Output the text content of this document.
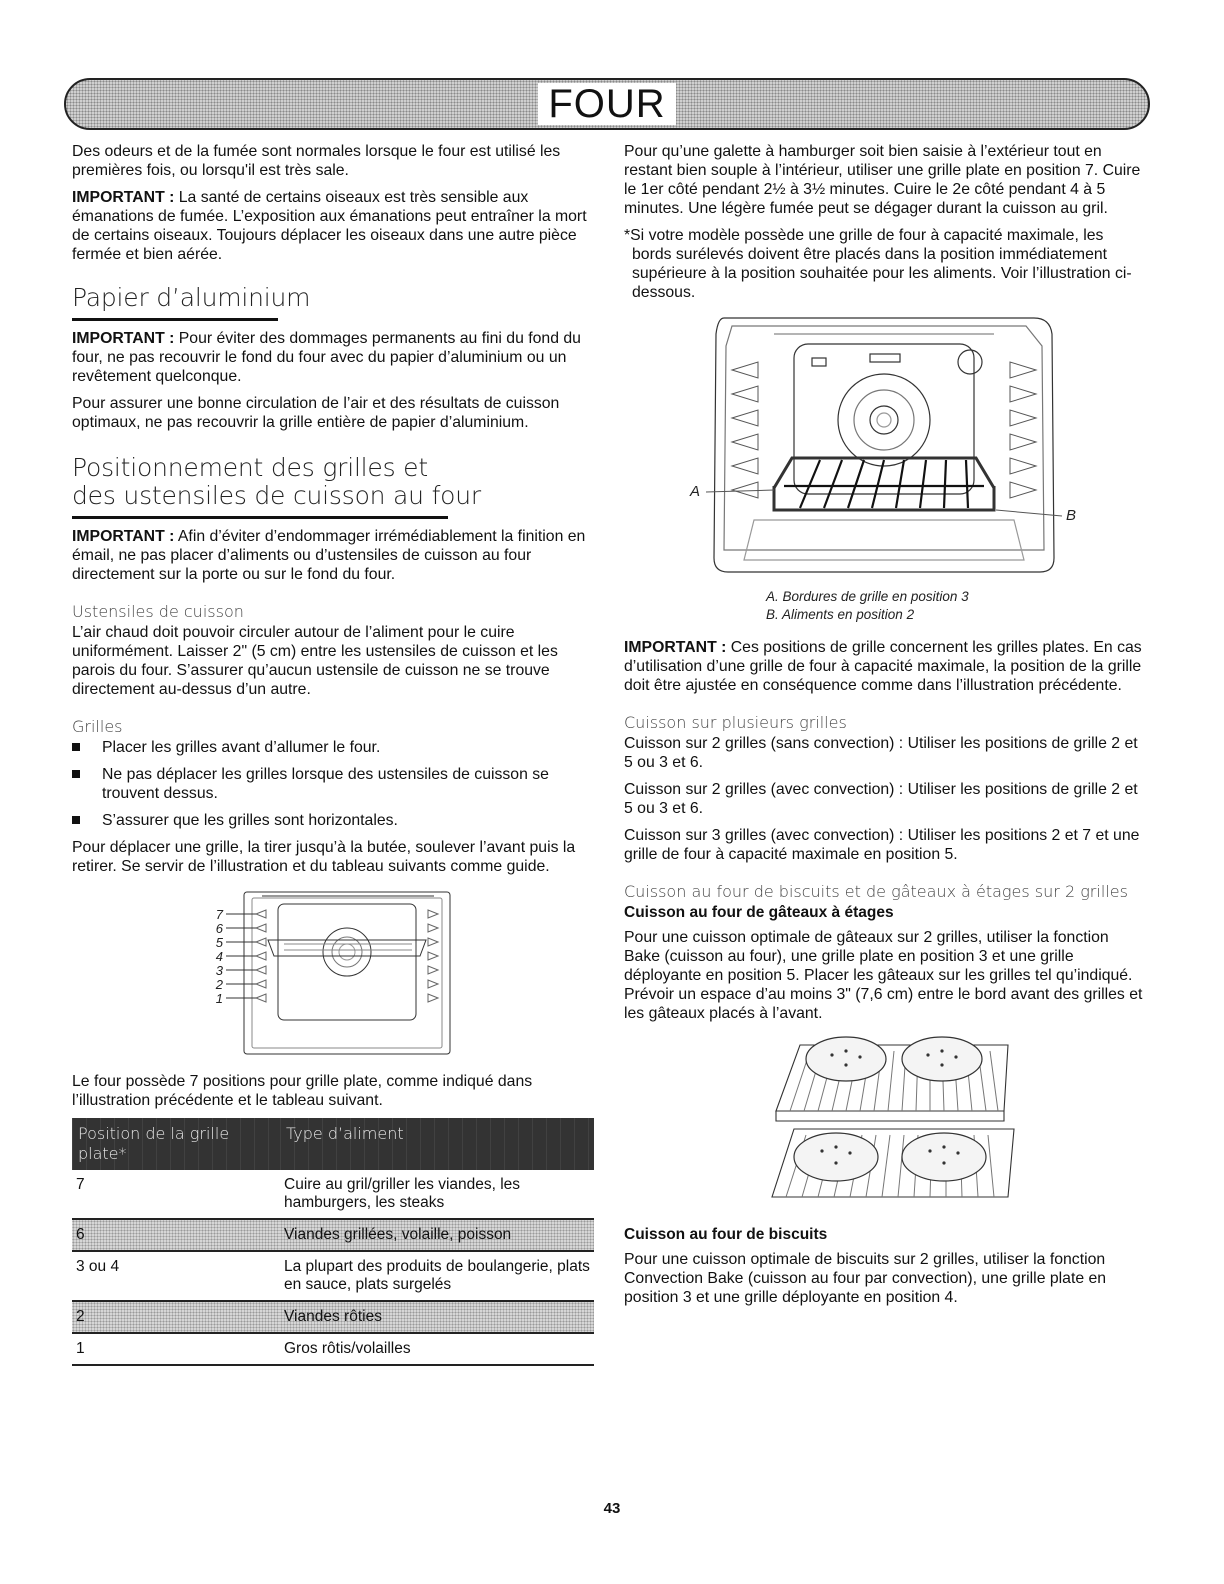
FOUR

Des odeurs et de la fumée sont normales lorsque le four est utilisé les premières fois, ou lorsqu'il est très sale.

IMPORTANT : La santé de certains oiseaux est très sensible aux émanations de fumée. L’exposition aux émanations peut entraîner la mort de certains oiseaux. Toujours déplacer les oiseaux dans une autre pièce fermée et bien aérée.

Papier d’aluminium

IMPORTANT : Pour éviter des dommages permanents au fini du fond du four, ne pas recouvrir le fond du four avec du papier d’aluminium ou un revêtement quelconque.

Pour assurer une bonne circulation de l’air et des résultats de cuisson optimaux, ne pas recouvrir la grille entière de papier d’aluminium.

Positionnement des grilles et
des ustensiles de cuisson au four

IMPORTANT : Afin d’éviter d’endommager irrémédiablement la finition en émail, ne pas placer d’aliments ou d’ustensiles de cuisson au four directement sur la porte ou sur le fond du four.

Ustensiles de cuisson

L’air chaud doit pouvoir circuler autour de l’aliment pour le cuire uniformément. Laisser 2" (5 cm) entre les ustensiles de cuisson et les parois du four. S’assurer qu’aucun ustensile de cuisson ne se trouve directement au-dessus d’un autre.

Grilles
Placer les grilles avant d’allumer le four.
Ne pas déplacer les grilles lorsque des ustensiles de cuisson se trouvent dessus.
S’assurer que les grilles sont horizontales.

Pour déplacer une grille, la tirer jusqu’à la butée, soulever l’avant puis la retirer. Se servir de l’illustration et du tableau suivants comme guide.

7
6
5
4
3
2
1

Le four possède 7 positions pour grille plate, comme indiqué dans l’illustration précédente et le tableau suivant.

Position de la grille plate*	Type d’aliment
7	Cuire au gril/griller les viandes, les hamburgers, les steaks
6	Viandes grillées, volaille, poisson
3 ou 4	La plupart des produits de boulangerie, plats en sauce, plats surgelés
2	Viandes rôties
1	Gros rôtis/volailles

Pour qu’une galette à hamburger soit bien saisie à l’extérieur tout en restant bien souple à l’intérieur, utiliser une grille plate en position 7. Cuire le 1er côté pendant 2½ à 3½ minutes. Cuire le 2e côté pendant 4 à 5 minutes. Une légère fumée peut se dégager durant la cuisson au gril.

*Si votre modèle possède une grille de four à capacité maximale, les bords surélevés doivent être placés dans la position immédiatement supérieure à la position souhaitée pour les aliments. Voir l’illustration ci-dessous.

A
B
A. Bordures de grille en position 3
B. Aliments en position 2

IMPORTANT : Ces positions de grille concernent les grilles plates. En cas d’utilisation d’une grille de four à capacité maximale, la position de la grille doit être ajustée en conséquence comme dans l’illustration précédente.

Cuisson sur plusieurs grilles

Cuisson sur 2 grilles (sans convection) : Utiliser les positions de grille 2 et 5 ou 3 et 6.

Cuisson sur 2 grilles (avec convection) : Utiliser les positions de grille 2 et 5 ou 3 et 6.

Cuisson sur 3 grilles (avec convection) : Utiliser les positions 2 et 7 et une grille de four à capacité maximale en position 5.

Cuisson au four de biscuits et de gâteaux à étages sur 2 grilles
Cuisson au four de gâteaux à étages

Pour une cuisson optimale de gâteaux sur 2 grilles, utiliser la fonction Bake (cuisson au four), une grille plate en position 3 et une grille déployante en position 5. Placer les gâteaux sur les grilles tel qu’indiqué. Prévoir un espace d’au moins 3" (7,6 cm) entre le bord avant des grilles et les gâteaux placés à l’avant.

Cuisson au four de biscuits

Pour une cuisson optimale de biscuits sur 2 grilles, utiliser la fonction Convection Bake (cuisson au four par convection), une grille plate en position 3 et une grille déployante en position 4.

43
